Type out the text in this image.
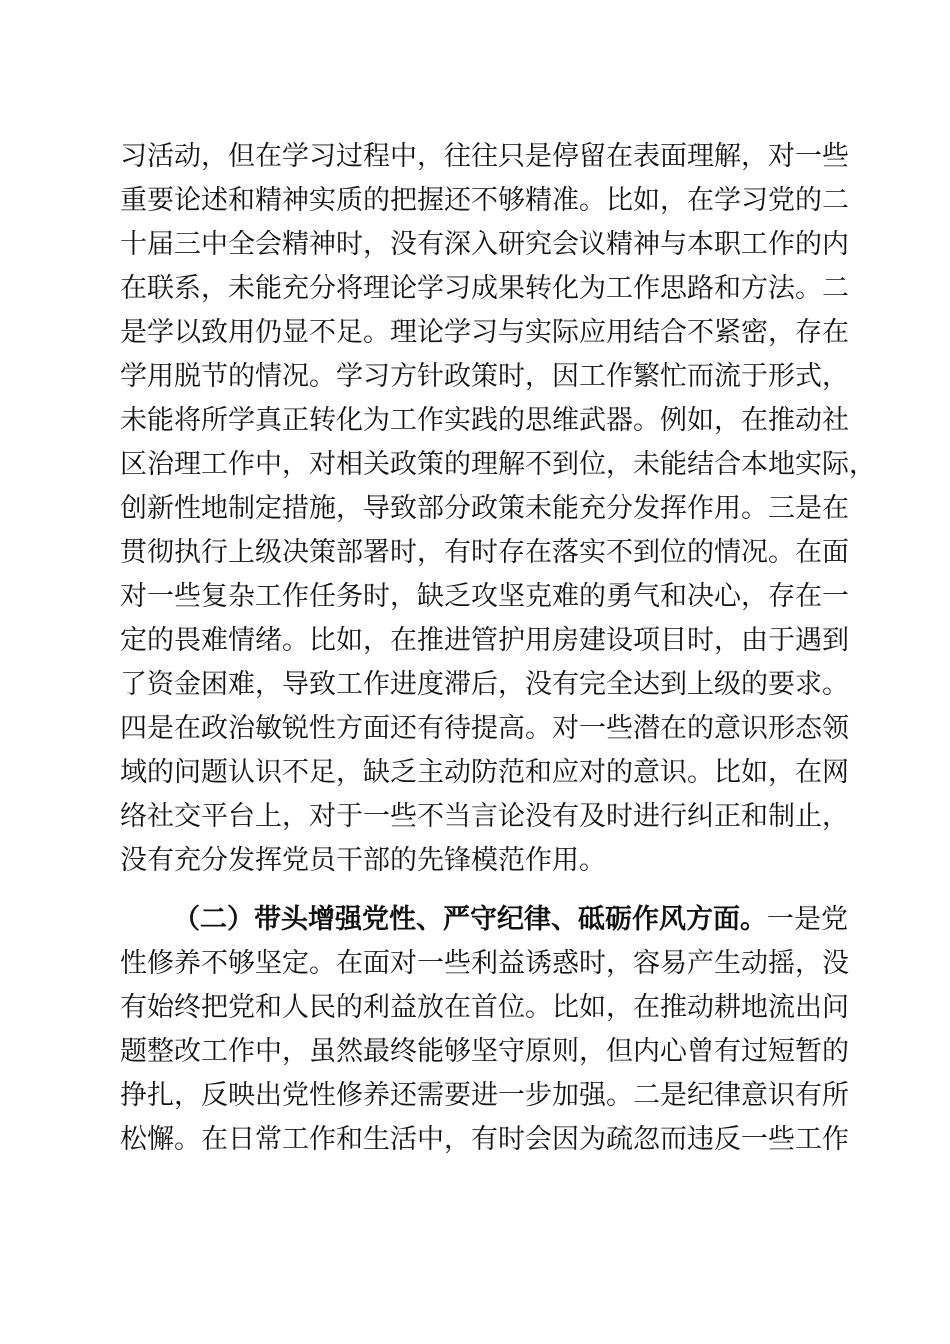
习活动，但在学习过程中，往往只是停留在表面理解，对一些
重要论述和精神实质的把握还不够精准。比如，在学习党的二
十届三中全会精神时，没有深入研究会议精神与本职工作的内
在联系，未能充分将理论学习成果转化为工作思路和方法。二
是学以致用仍显不足。理论学习与实际应用结合不紧密，存在
学用脱节的情况。学习方针政策时，因工作繁忙而流于形式，
未能将所学真正转化为工作实践的思维武器。例如，在推动社
区治理工作中，对相关政策的理解不到位，未能结合本地实际，
创新性地制定措施，导致部分政策未能充分发挥作用。三是在
贯彻执行上级决策部署时，有时存在落实不到位的情况。在面
对一些复杂工作任务时，缺乏攻坚克难的勇气和决心，存在一
定的畏难情绪。比如，在推进管护用房建设项目时，由于遇到
了资金困难，导致工作进度滞后，没有完全达到上级的要求。
四是在政治敏锐性方面还有待提高。对一些潜在的意识形态领
域的问题认识不足，缺乏主动防范和应对的意识。比如，在网
络社交平台上，对于一些不当言论没有及时进行纠正和制止，
没有充分发挥党员干部的先锋模范作用。
（二）带头增强党性、严守纪律、砥砺作风方面。一是党
性修养不够坚定。在面对一些利益诱惑时，容易产生动摇，没
有始终把党和人民的利益放在首位。比如，在推动耕地流出问
题整改工作中，虽然最终能够坚守原则，但内心曾有过短暂的
挣扎，反映出党性修养还需要进一步加强。二是纪律意识有所
松懈。在日常工作和生活中，有时会因为疏忽而违反一些工作
